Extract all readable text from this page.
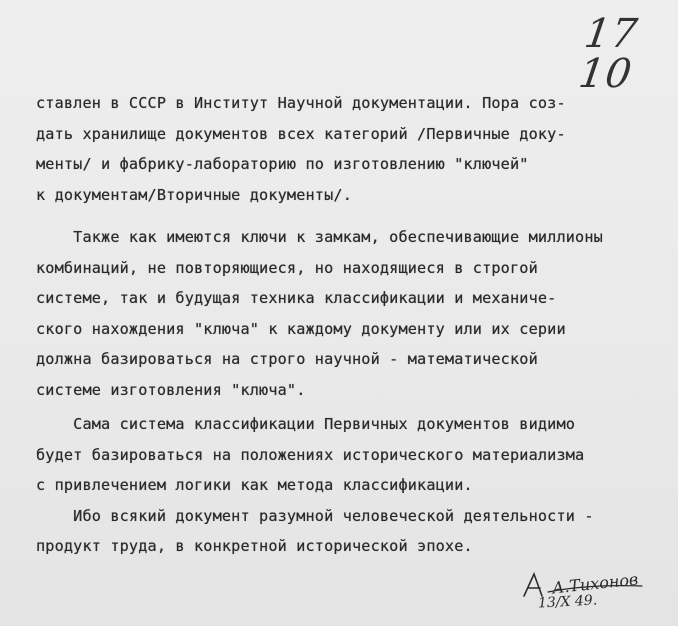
17 10
ставлен в СССР в Институт Научной документации. Пора соз-
дать хранилище документов всех категорий /Первичные доку-
менты/ и фабрику-лабораторию по изготовлению "ключей"
к документам/Вторичные документы/.
Также как имеются ключи к замкам, обеспечивающие миллионы
комбинаций, не повторяющиеся, но находящиеся в строгой
системе, так и будущая техника классификации и механиче-
ского нахождения "ключа" к каждому документу или их серии
должна базироваться на строго научной - математической
системе изготовления "ключа".
Сама система классификации Первичных документов видимо
будет базироваться на положениях исторического материализма
с привлечением логики как метода классификации.
Ибо всякий документ разумной человеческой деятельности -
продукт труда, в конкретной исторической эпохе.
А.Тихонов
13/X 49.
